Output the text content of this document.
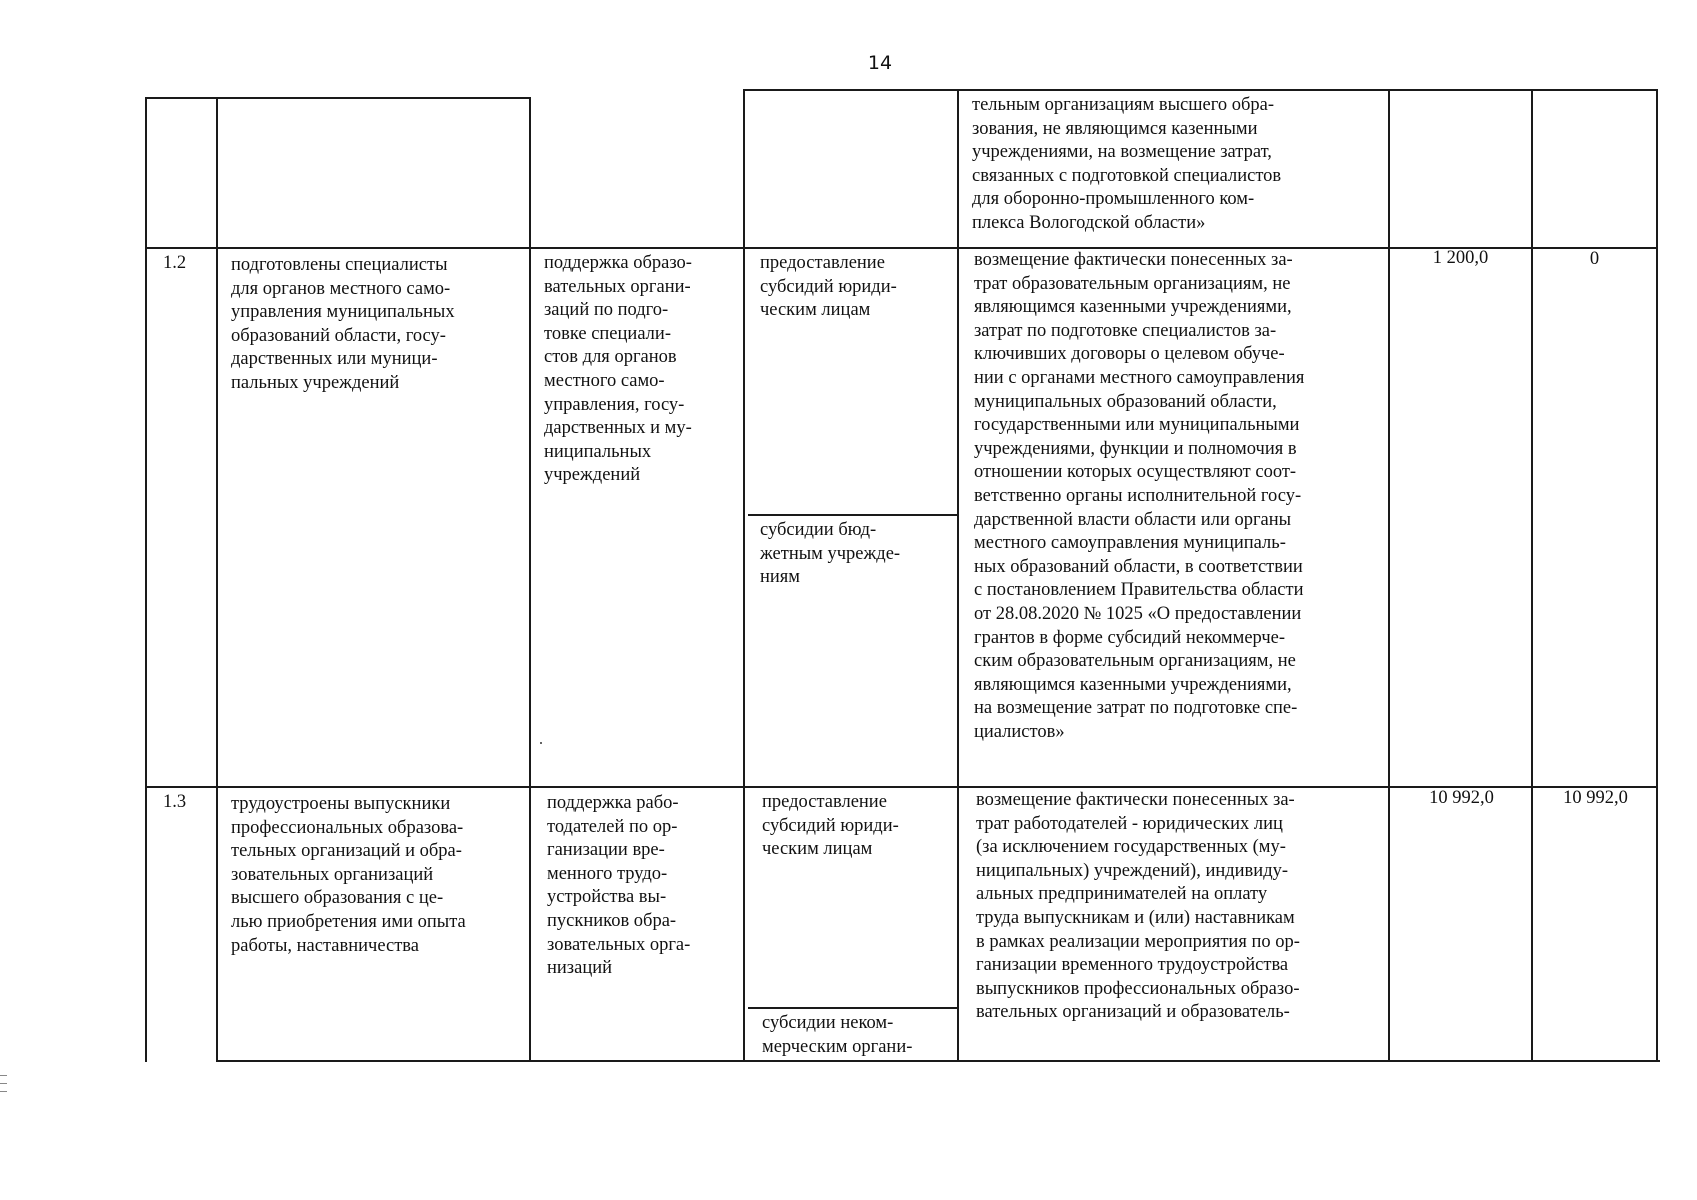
14
тельным организациям высшего обра-
зования, не являющимся казенными
учреждениями, на возмещение затрат,
связанных с подготовкой специалистов
для оборонно-промышленного ком-
плекса Вологодской области»
1.2 подготовлены специалисты
для органов местного само-
управления муниципальных
образований области, госу-
дарственных или муници-
пальных учреждений
поддержка образо-
вательных органи-
заций по подго-
товке специали-
стов для органов
местного само-
управления, госу-
дарственных и му-
ниципальных
учреждений
предоставление
субсидий юриди-
ческим лицам
субсидии бюд-
жетным учрежде-
ниям
возмещение фактически понесенных за-
трат образовательным организациям, не
являющимся казенными учреждениями,
затрат по подготовке специалистов за-
ключивших договоры о целевом обуче-
нии с органами местного самоуправления
муниципальных образований области,
государственными или муниципальными
учреждениями, функции и полномочия в
отношении которых осуществляют соот-
ветственно органы исполнительной госу-
дарственной власти области или органы
местного самоуправления муниципаль-
ных образований области, в соответствии
с постановлением Правительства области
от 28.08.2020 № 1025 «О предоставлении
грантов в форме субсидий некоммерче-
ским образовательным организациям, не
являющимся казенными учреждениями,
на возмещение затрат по подготовке спе-
циалистов»
1 200,0	0
1.3 трудоустроены выпускники
профессиональных образова-
тельных организаций и обра-
зовательных организаций
высшего образования с це-
лью приобретения ими опыта
работы, наставничества
поддержка рабо-
тодателей по ор-
ганизации вре-
менного трудо-
устройства вы-
пускников обра-
зовательных орга-
низаций
предоставление
субсидий юриди-
ческим лицам
субсидии неком-
мерческим органи-
возмещение фактически понесенных за-
трат работодателей - юридических лиц
(за исключением государственных (му-
ниципальных) учреждений), индивиду-
альных предпринимателей на оплату
труда выпускникам и (или) наставникам
в рамках реализации мероприятия по ор-
ганизации временного трудоустройства
выпускников профессиональных образо-
вательных организаций и образователь-
10 992,0	10 992,0
